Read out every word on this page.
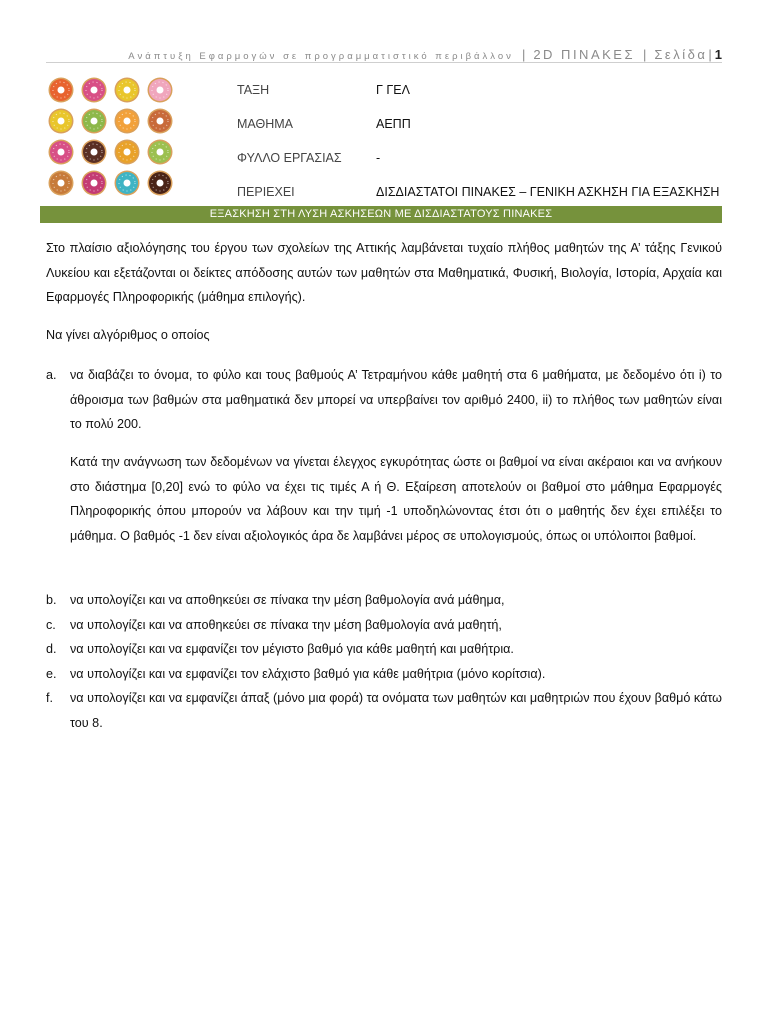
Ανάπτυξη Εφαρμογών σε προγραμματιστικό περιβάλλον | 2D ΠΙΝΑΚΕΣ | Σελίδα | 1
ΤΑΞΗ	Γ ΓΕΛ
ΜΑΘΗΜΑ	ΑΕΠΠ
ΦΥΛΛΟ ΕΡΓΑΣΙΑΣ	-
ΠΕΡΙΕΧΕΙ	ΔΙΣΔΙΑΣΤΑΤΟΙ ΠΙΝΑΚΕΣ – ΓΕΝΙΚΗ ΑΣΚΗΣΗ ΓΙΑ ΕΞΑΣΚΗΣΗ
ΕΞΑΣΚΗΣΗ ΣΤΗ ΛΥΣΗ ΑΣΚΗΣΕΩΝ ΜΕ ΔΙΣΔΙΑΣΤΑΤΟΥΣ ΠΙΝΑΚΕΣ
Στο πλαίσιο αξιολόγησης του έργου των σχολείων της Αττικής λαμβάνεται τυχαίο πλήθος μαθητών της Α’ τάξης Γενικού Λυκείου και εξετάζονται οι δείκτες απόδοσης αυτών των μαθητών στα Μαθηματικά, Φυσική, Βιολογία, Ιστορία, Αρχαία και Εφαρμογές Πληροφορικής (μάθημα επιλογής).
Να γίνει αλγόριθμος ο οποίος
a.	να διαβάζει το όνομα, το φύλο και τους βαθμούς Α’ Τετραμήνου κάθε μαθητή στα 6 μαθήματα, με δεδομένο ότι i) το άθροισμα των βαθμών στα μαθηματικά δεν μπορεί να υπερβαίνει τον αριθμό 2400, ii) το πλήθος των μαθητών είναι το πολύ 200.
Κατά την ανάγνωση των δεδομένων να γίνεται έλεγχος εγκυρότητας ώστε οι βαθμοί να είναι ακέραιοι και να ανήκουν στο διάστημα [0,20] ενώ το φύλο να έχει τις τιμές Α ή Θ. Εξαίρεση αποτελούν οι βαθμοί στο μάθημα Εφαρμογές Πληροφορικής όπου μπορούν να λάβουν και την τιμή -1 υποδηλώνοντας έτσι ότι ο μαθητής δεν έχει επιλέξει το μάθημα. Ο βαθμός -1 δεν είναι αξιολογικός άρα δε λαμβάνει μέρος σε υπολογισμούς, όπως οι υπόλοιποι βαθμοί.
b.	να υπολογίζει και να αποθηκεύει σε πίνακα την μέση βαθμολογία ανά μάθημα,
c.	να υπολογίζει και να αποθηκεύει σε πίνακα την μέση βαθμολογία ανά μαθητή,
d.	να υπολογίζει και να εμφανίζει τον μέγιστο βαθμό για κάθε μαθητή και μαθήτρια.
e.	να υπολογίζει και να εμφανίζει τον ελάχιστο βαθμό για κάθε μαθήτρια (μόνο κορίτσια).
f.	να υπολογίζει και να εμφανίζει άπαξ (μόνο μια φορά) τα ονόματα των μαθητών και μαθητριών που έχουν βαθμό κάτω του 8.
